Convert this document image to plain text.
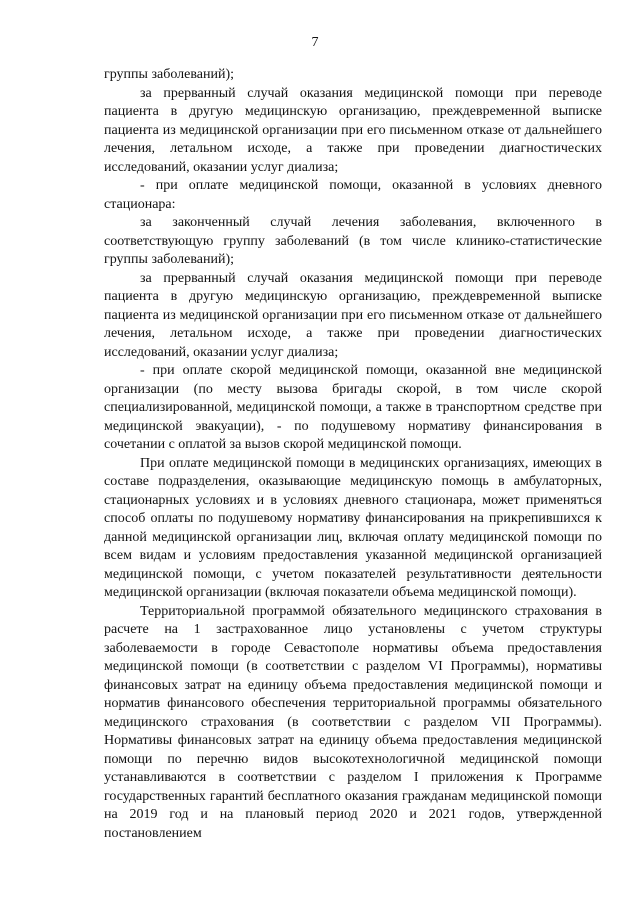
7

группы заболеваний);

за прерванный случай оказания медицинской помощи при переводе пациента в другую медицинскую организацию, преждевременной выписке пациента из медицинской организации при его письменном отказе от дальнейшего лечения, летальном исходе, а также при проведении диагностических исследований, оказании услуг диализа;

- при оплате медицинской помощи, оказанной в условиях дневного стационара:

за законченный случай лечения заболевания, включенного в соответствующую группу заболеваний (в том числе клинико-статистические группы заболеваний);

за прерванный случай оказания медицинской помощи при переводе пациента в другую медицинскую организацию, преждевременной выписке пациента из медицинской организации при его письменном отказе от дальнейшего лечения, летальном исходе, а также при проведении диагностических исследований, оказании услуг диализа;

- при оплате скорой медицинской помощи, оказанной вне медицинской организации (по месту вызова бригады скорой, в том числе скорой специализированной, медицинской помощи, а также в транспортном средстве при медицинской эвакуации), - по подушевому нормативу финансирования в сочетании с оплатой за вызов скорой медицинской помощи.

При оплате медицинской помощи в медицинских организациях, имеющих в составе подразделения, оказывающие медицинскую помощь в амбулаторных, стационарных условиях и в условиях дневного стационара, может применяться способ оплаты по подушевому нормативу финансирования на прикрепившихся к данной медицинской организации лиц, включая оплату медицинской помощи по всем видам и условиям предоставления указанной медицинской организацией медицинской помощи, с учетом показателей результативности деятельности медицинской организации (включая показатели объема медицинской помощи).

Территориальной программой обязательного медицинского страхования в расчете на 1 застрахованное лицо установлены с учетом структуры заболеваемости в городе Севастополе нормативы объема предоставления медицинской помощи (в соответствии с разделом VI Программы), нормативы финансовых затрат на единицу объема предоставления медицинской помощи и норматив финансового обеспечения территориальной программы обязательного медицинского страхования (в соответствии с разделом VII Программы). Нормативы финансовых затрат на единицу объема предоставления медицинской помощи по перечню видов высокотехнологичной медицинской помощи устанавливаются в соответствии с разделом I приложения к Программе государственных гарантий бесплатного оказания гражданам медицинской помощи на 2019 год и на плановый период 2020 и 2021 годов, утвержденной постановлением
